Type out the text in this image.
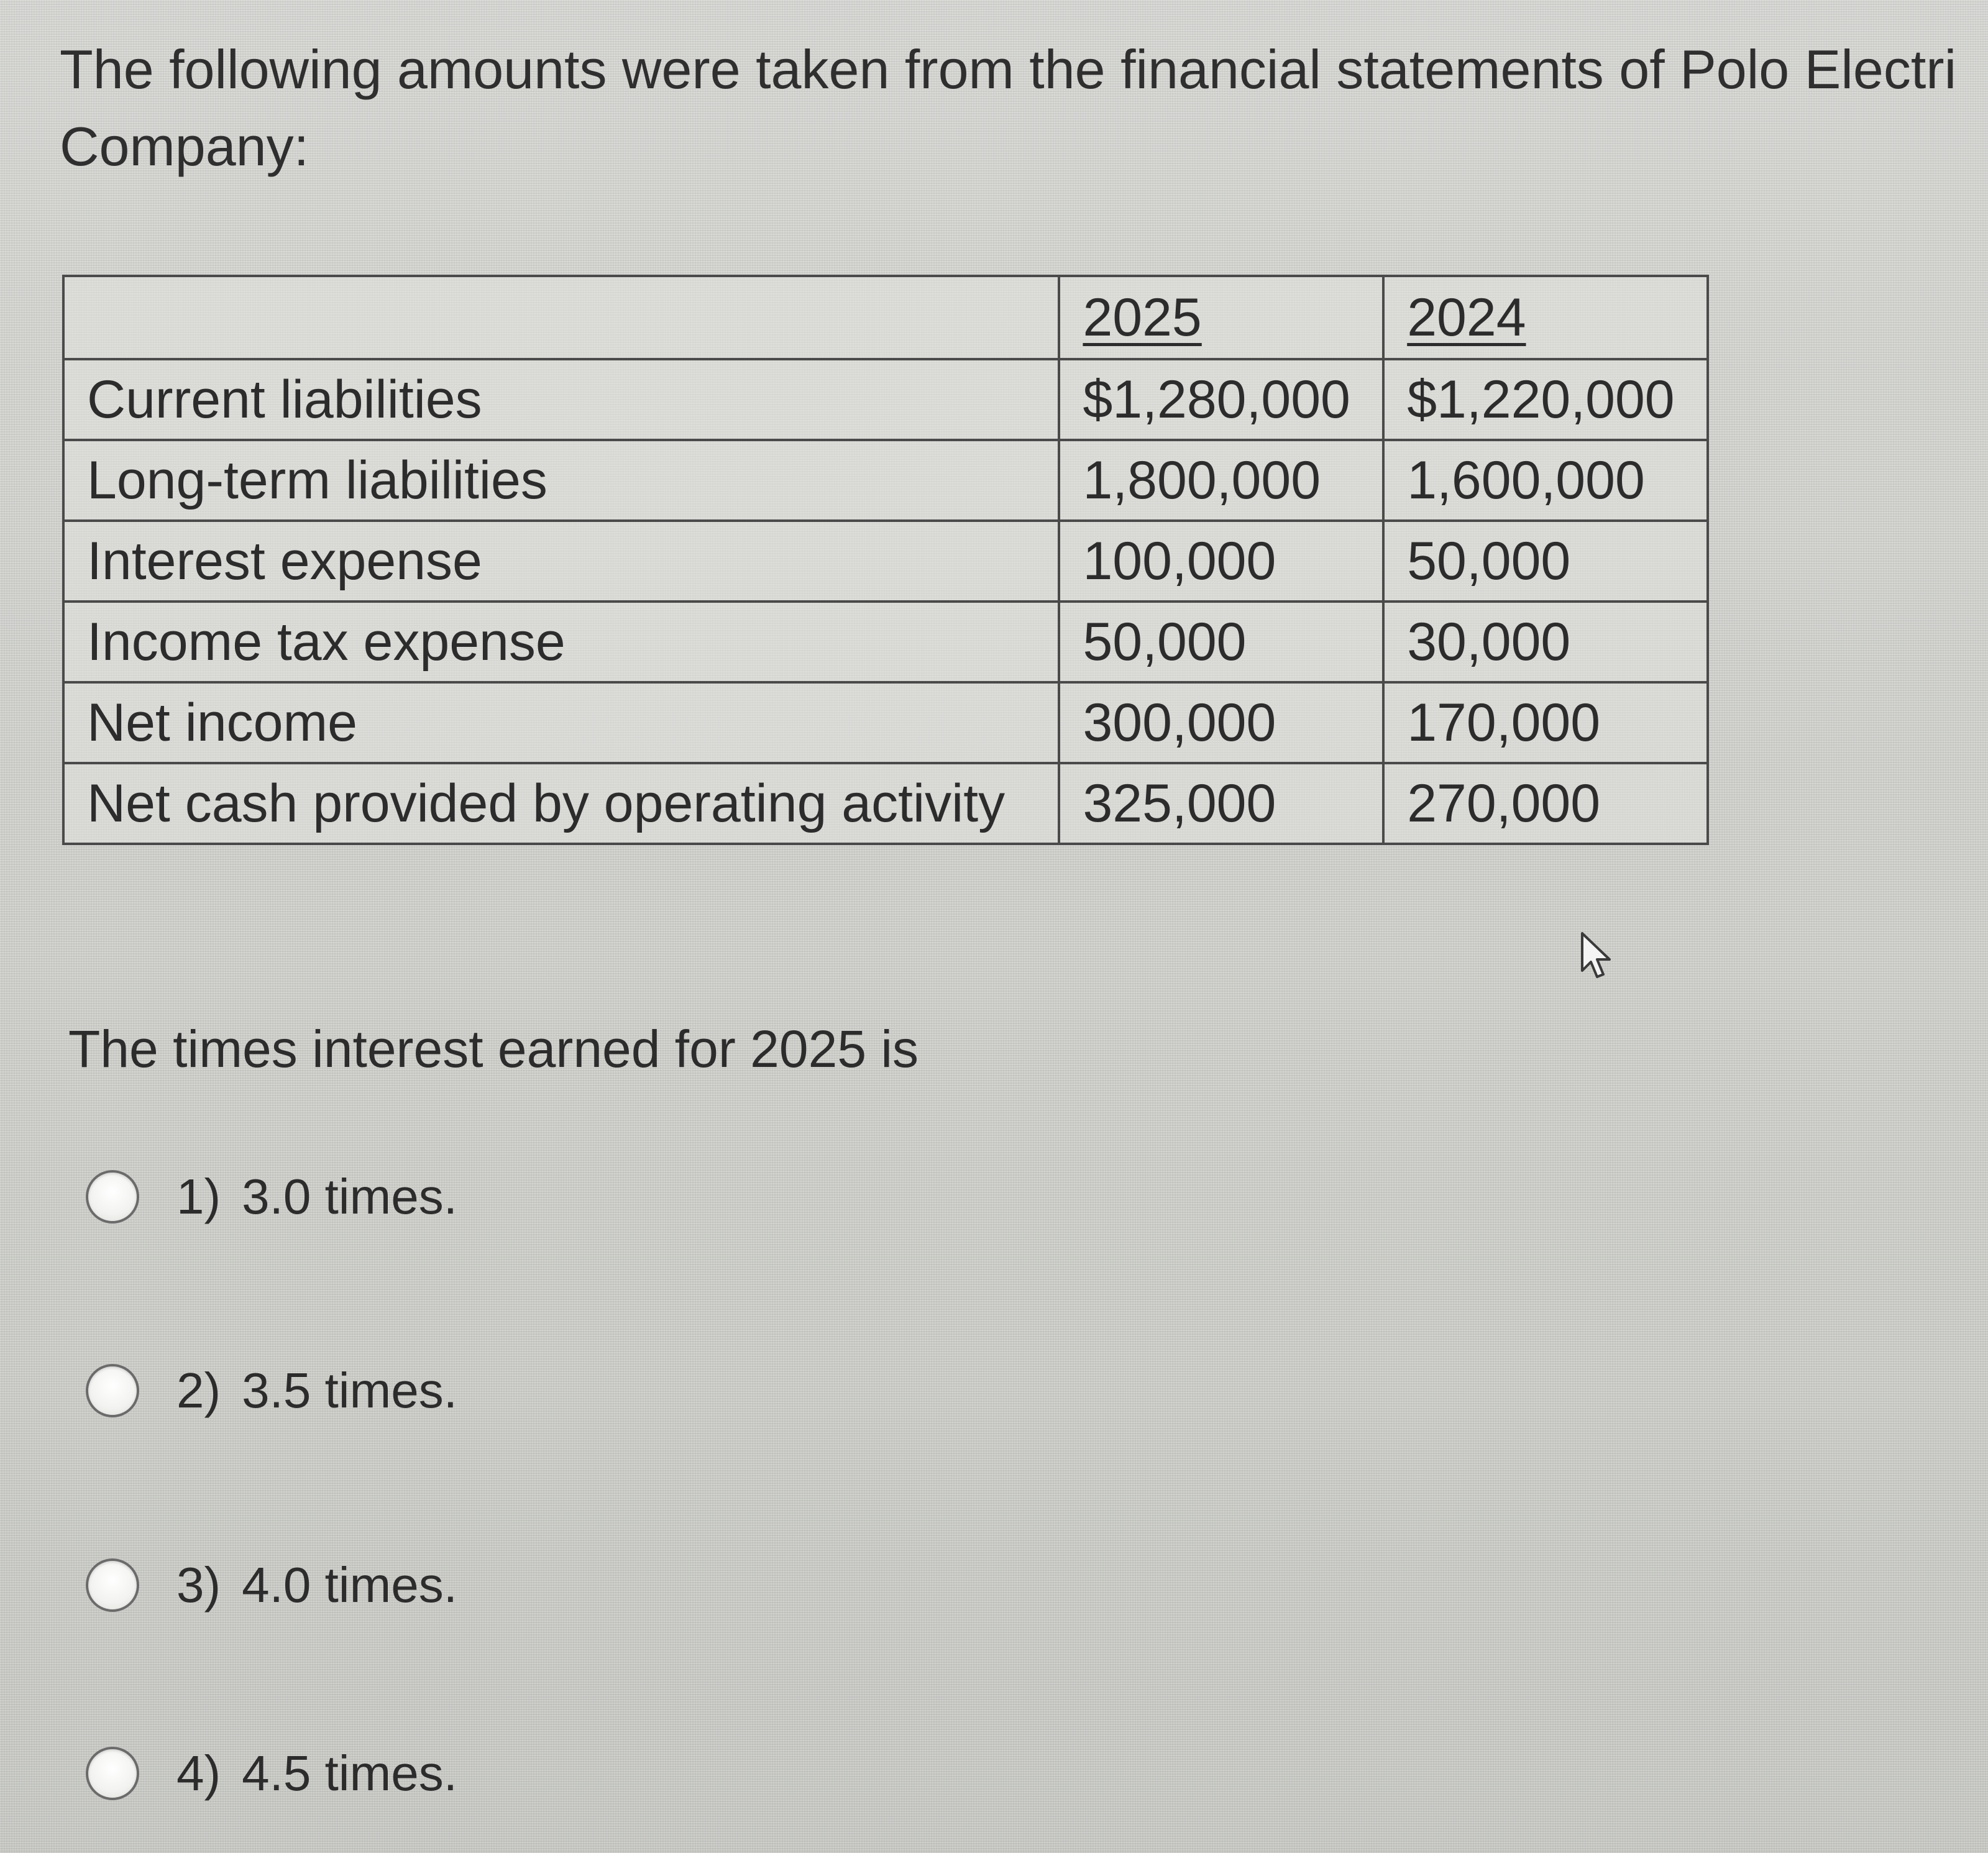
The following amounts were taken from the financial statements of Polo Electri
Company:
	2025	2024
Current liabilities	$1,280,000	$1,220,000
Long-term liabilities	1,800,000	1,600,000
Interest expense	100,000	50,000
Income tax expense	50,000	30,000
Net income	300,000	170,000
Net cash provided by operating activity	325,000	270,000
The times interest earned for 2025 is
1) 3.0 times.
2) 3.5 times.
3) 4.0 times.
4) 4.5 times.
